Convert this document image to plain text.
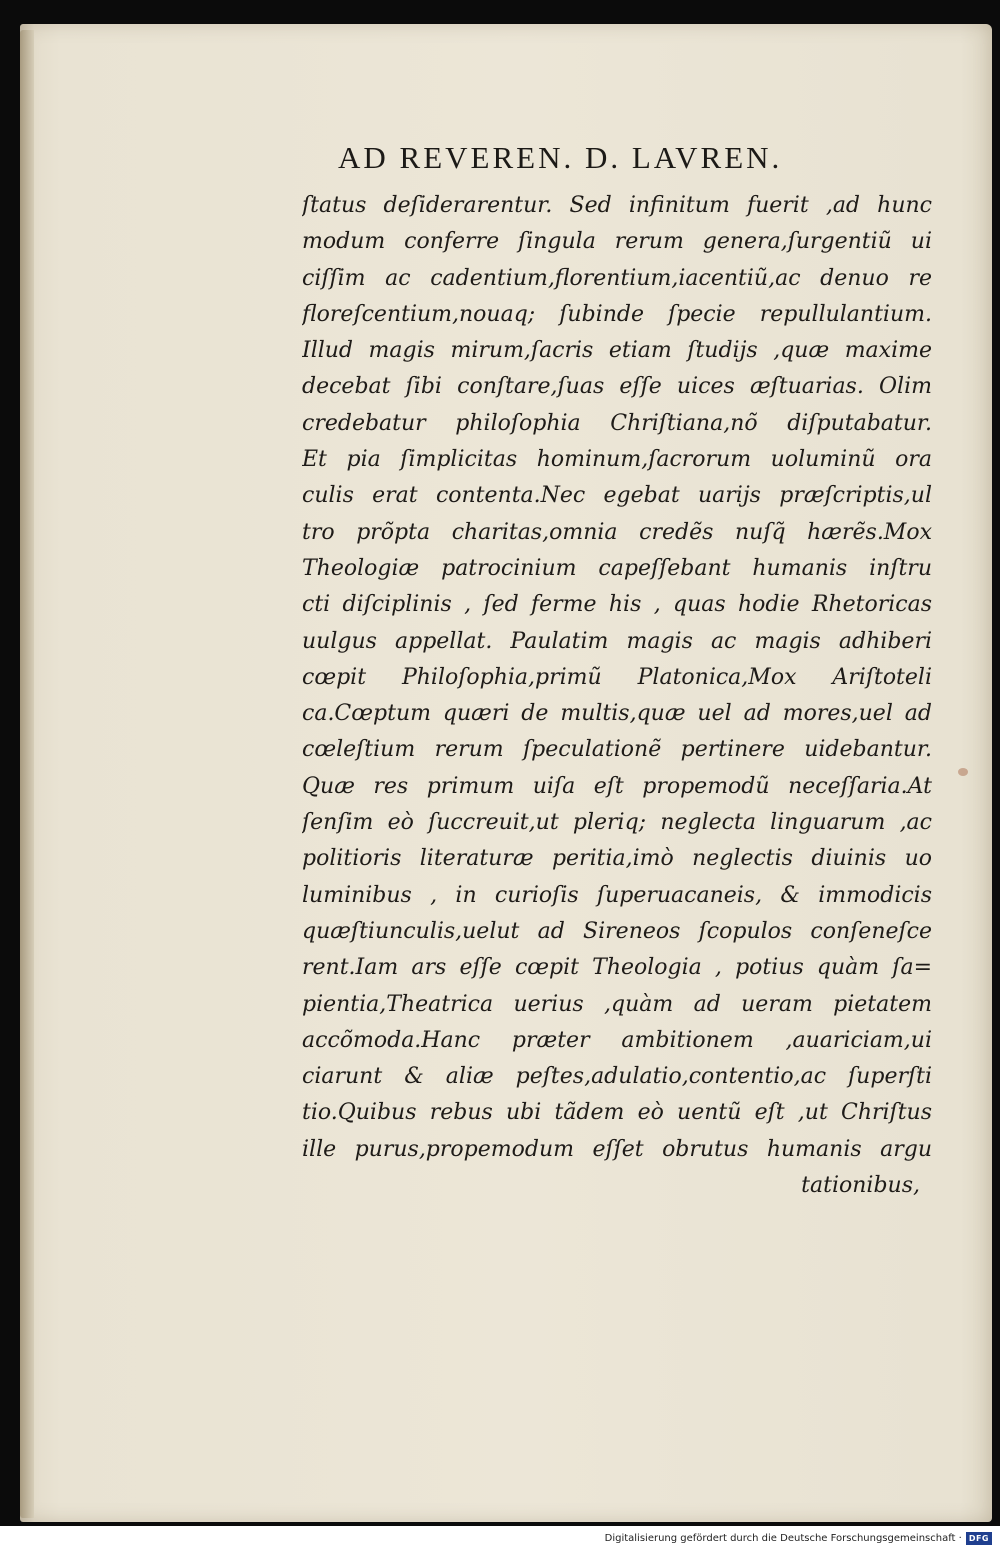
AD REVEREN. D. LAVREN.
ſtatus deſiderarentur. Sed infinitum fuerit ,ad hunc
modum conferre ſingula rerum genera,ſurgentiũ ui
ciſſim ac cadentium,florentium,iacentiũ,ac denuo re
floreſcentium,nouaq; ſubinde ſpecie repullulantium.
Illud magis mirum,ſacris etiam ſtudijs ,quæ maxime
decebat ſibi conſtare,ſuas eſſe uices æſtuarias. Olim
credebatur philoſophia Chriſtiana,nõ diſputabatur.
Et pia ſimplicitas hominum,ſacrorum uoluminũ ora
culis erat contenta.Nec egebat uarijs præſcriptis,ul
tro prõpta charitas,omnia credẽs nuſq̃ hærẽs.Mox
Theologiæ patrocinium capeſſebant humanis inſtru
cti diſciplinis , ſed ferme his , quas hodie Rhetoricas
uulgus appellat. Paulatim magis ac magis adhiberi
cœpit Philoſophia,primũ Platonica,Mox Ariſtoteli
ca.Cœptum quæri de multis,quæ uel ad mores,uel ad
cœleſtium rerum ſpeculationẽ pertinere uidebantur.
Quæ res primum uiſa eſt propemodũ neceſſaria.At
ſenſim eò ſuccreuit,ut pleriq; neglecta linguarum ,ac
politioris literaturæ peritia,imò neglectis diuinis uo
luminibus , in curioſis ſuperuacaneis, & immodicis
quæſtiunculis,uelut ad Sireneos ſcopulos conſeneſce
rent.Iam ars eſſe cœpit Theologia , potius quàm ſa=
pientia,Theatrica uerius ,quàm ad ueram pietatem
accõmoda.Hanc præter ambitionem ,auariciam,ui
ciarunt & aliæ peſtes,adulatio,contentio,ac ſuperſti
tio.Quibus rebus ubi tãdem eò uentũ eſt ,ut Chriſtus
ille purus,propemodum eſſet obrutus humanis argu
tationibus,
Digitalisierung gefördert durch die Deutsche Forschungsgemeinschaft · DFG
